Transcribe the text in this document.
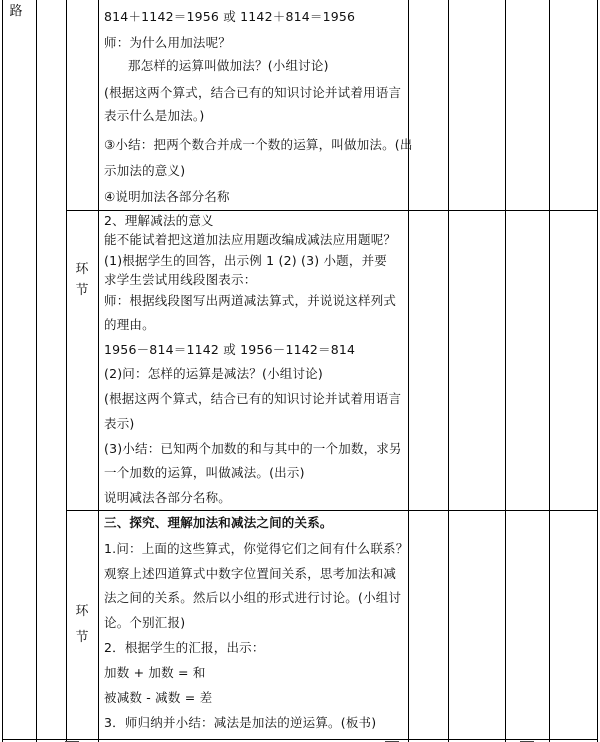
路
环
节
环
节
814＋1142＝1956 或 1142＋814＝1956
师：为什么用加法呢？
那怎样的运算叫做加法？(小组讨论)
(根据这两个算式，结合已有的知识讨论并试着用语言
表示什么是加法。)
③小结：把两个数合并成一个数的运算，叫做加法。(出
示加法的意义)
④说明加法各部分名称
2、理解减法的意义
能不能试着把这道加法应用题改编成减法应用题呢？
(1)根据学生的回答，出示例 1 (2) (3) 小题，并要
求学生尝试用线段图表示：
师：根据线段图写出两道减法算式，并说说这样列式
的理由。
1956－814＝1142 或 1956－1142＝814
(2)问：怎样的运算是减法？(小组讨论)
(根据这两个算式，结合已有的知识讨论并试着用语言
表示)
(3)小结：已知两个加数的和与其中的一个加数，求另
一个加数的运算，叫做减法。(出示)
说明减法各部分名称。
三、探究、理解加法和减法之间的关系。
1.问：上面的这些算式，你觉得它们之间有什么联系？
观察上述四道算式中数字位置间关系，思考加法和减
法之间的关系。然后以小组的形式进行讨论。(小组讨
论。个别汇报)
2．根据学生的汇报，出示：
加数 + 加数 = 和
被减数 - 减数 = 差
3．师归纳并小结：减法是加法的逆运算。(板书)
